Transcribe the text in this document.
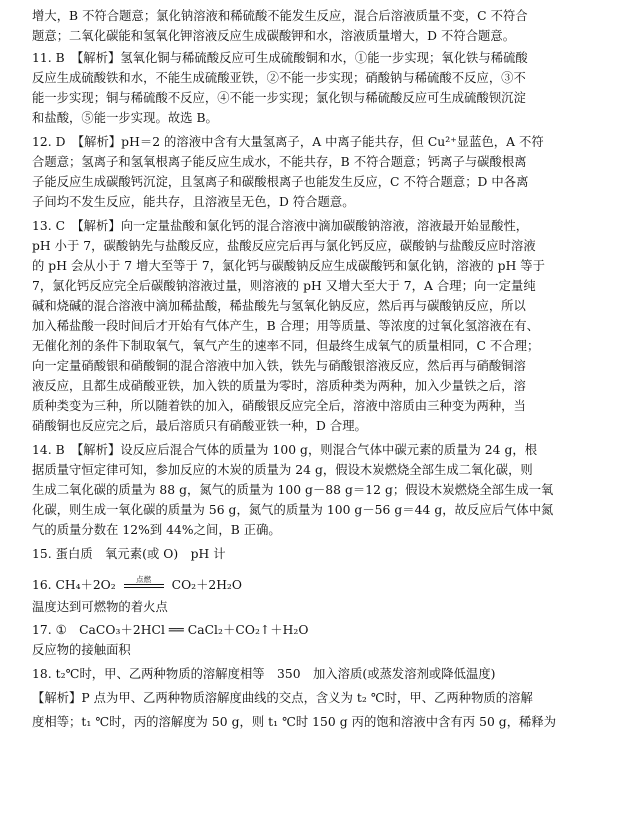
增大，B 不符合题意；氯化钠溶液和稀硫酸不能发生反应，混合后溶液质量不变，C 不符合
题意；二氧化碳能和氢氧化钾溶液反应生成碳酸钾和水，溶液质量增大，D 不符合题意。
11. B　【解析】氢氧化铜与稀硫酸反应可生成硫酸铜和水，①能一步实现；氧化铁与稀硫酸
反应生成硫酸铁和水，不能生成硫酸亚铁，②不能一步实现；硝酸钠与稀硫酸不反应，③不
能一步实现；铜与稀硫酸不反应，④不能一步实现；氯化钡与稀硫酸反应可生成硫酸钡沉淀
和盐酸，⑤能一步实现。故选 B。
12. D　【解析】pH＝2 的溶液中含有大量氢离子，A 中离子能共存，但 Cu²⁺显蓝色，A 不符
合题意；氢离子和氢氧根离子能反应生成水，不能共存，B 不符合题意；钙离子与碳酸根离
子能反应生成碳酸钙沉淀，且氢离子和碳酸根离子也能发生反应，C 不符合题意；D 中各离
子间均不发生反应，能共存，且溶液呈无色，D 符合题意。
13. C　【解析】向一定量盐酸和氯化钙的混合溶液中滴加碳酸钠溶液，溶液最开始显酸性，
pH 小于 7，碳酸钠先与盐酸反应，盐酸反应完后再与氯化钙反应，碳酸钠与盐酸反应时溶液
的 pH 会从小于 7 增大至等于 7，氯化钙与碳酸钠反应生成碳酸钙和氯化钠，溶液的 pH 等于
7，氯化钙反应完全后碳酸钠溶液过量，则溶液的 pH 又增大至大于 7，A 合理；向一定量纯
碱和烧碱的混合溶液中滴加稀盐酸，稀盐酸先与氢氧化钠反应，然后再与碳酸钠反应，所以
加入稀盐酸一段时间后才开始有气体产生，B 合理；用等质量、等浓度的过氧化氢溶液在有、
无催化剂的条件下制取氧气，氧气产生的速率不同，但最终生成氧气的质量相同，C 不合理；
向一定量硝酸银和硝酸铜的混合溶液中加入铁，铁先与硝酸银溶液反应，然后再与硝酸铜溶
液反应，且都生成硝酸亚铁，加入铁的质量为零时，溶质种类为两种，加入少量铁之后，溶
质种类变为三种，所以随着铁的加入，硝酸银反应完全后，溶液中溶质由三种变为两种，当
硝酸铜也反应完之后，最后溶质只有硝酸亚铁一种，D 合理。
14. B　【解析】设反应后混合气体的质量为 100 g，则混合气体中碳元素的质量为 24 g，根
据质量守恒定律可知，参加反应的木炭的质量为 24 g，假设木炭燃烧全部生成二氧化碳，则
生成二氧化碳的质量为 88 g，氮气的质量为 100 g－88 g＝12 g；假设木炭燃烧全部生成一氧
化碳，则生成一氧化碳的质量为 56 g，氮气的质量为 100 g－56 g＝44 g，故反应后气体中氮
气的质量分数在 12%到 44%之间，B 正确。
15. 蛋白质　氧元素(或 O)　pH 计
16. CH₄＋2O₂	点燃 CO₂＋2H₂O
温度达到可燃物的着火点
17. ①　CaCO₃＋2HCl ══ CaCl₂＋CO₂↑＋H₂O
反应物的接触面积
18. t₂℃时，甲、乙两种物质的溶解度相等　350　加入溶质(或蒸发溶剂或降低温度)
【解析】P 点为甲、乙两种物质溶解度曲线的交点，含义为 t₂ ℃时，甲、乙两种物质的溶解
度相等；t₁ ℃时，丙的溶解度为 50 g，则 t₁ ℃时 150 g 丙的饱和溶液中含有丙 50 g，稀释为
